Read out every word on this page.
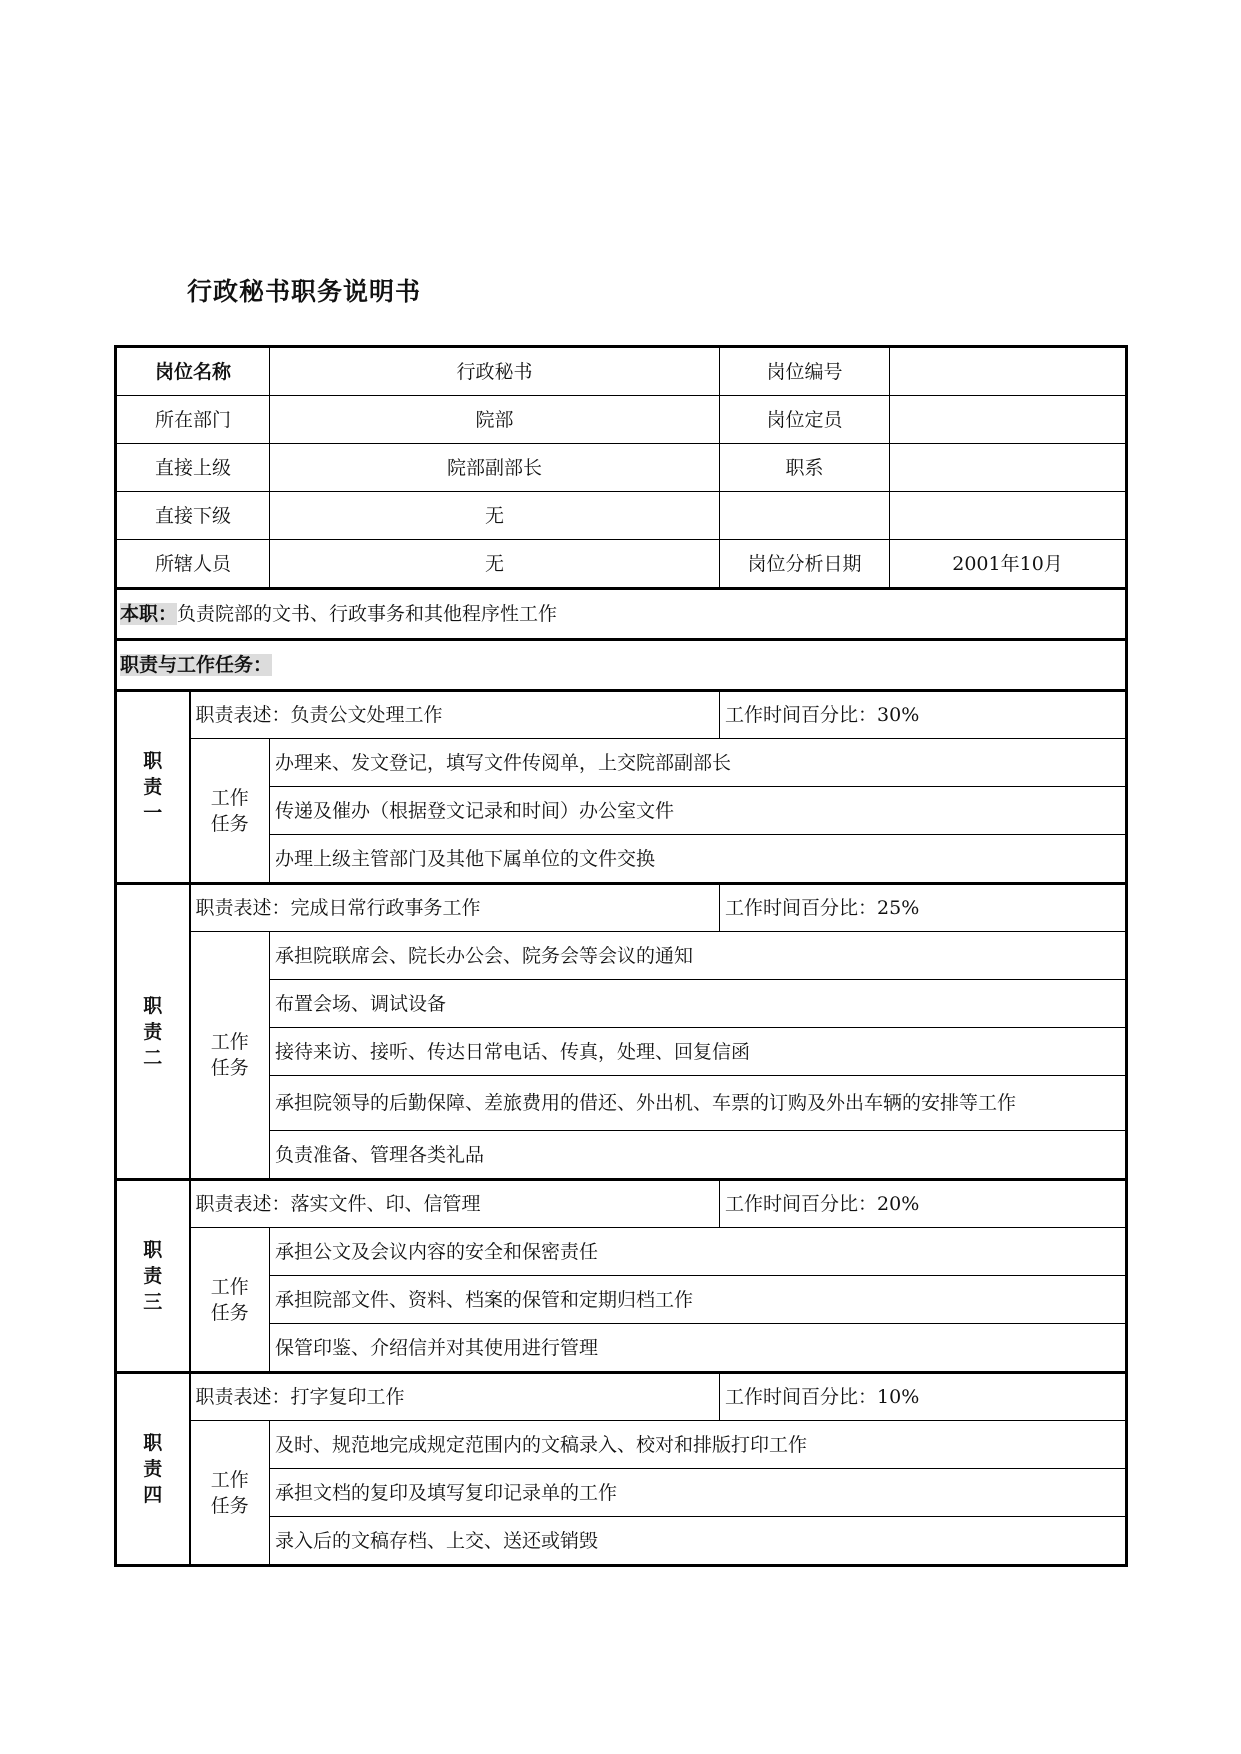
行政秘书职务说明书
岗位名称		行政秘书	岗位编号	
所在部门		院部	岗位定员	
直接上级		院部副部长	职系	
直接下级		无		
所辖人员		无	岗位分析日期	2001年10月
本职：负责院部的文书、行政事务和其他程序性工作				
职责与工作任务：				

职
责
一	职责表述：负责公文处理工作		工作时间百分比：30%	

	工作
任务	办理来、发文登记，填写文件传阅单，上交院部副部长		
		传递及催办（根据登文记录和时间）办公室文件		
		办理上级主管部门及其他下属单位的文件交换		

职
责
二	职责表述：完成日常行政事务工作		工作时间百分比：25%	

	工作
任务	承担院联席会、院长办公会、院务会等会议的通知		
		布置会场、调试设备		
		接待来访、接听、传达日常电话、传真，处理、回复信函		
		承担院领导的后勤保障、差旅费用的借还、外出机、车票的订购及外出车辆的安排等工作		
		负责准备、管理各类礼品		

职
责
三	职责表述：落实文件、印、信管理		工作时间百分比：20%	

	工作
任务	承担公文及会议内容的安全和保密责任		
		承担院部文件、资料、档案的保管和定期归档工作		
		保管印鉴、介绍信并对其使用进行管理		

职
责
四	职责表述：打字复印工作		工作时间百分比：10%	

	工作
任务	及时、规范地完成规定范围内的文稿录入、校对和排版打印工作		
		承担文档的复印及填写复印记录单的工作		
		录入后的文稿存档、上交、送还或销毁		
